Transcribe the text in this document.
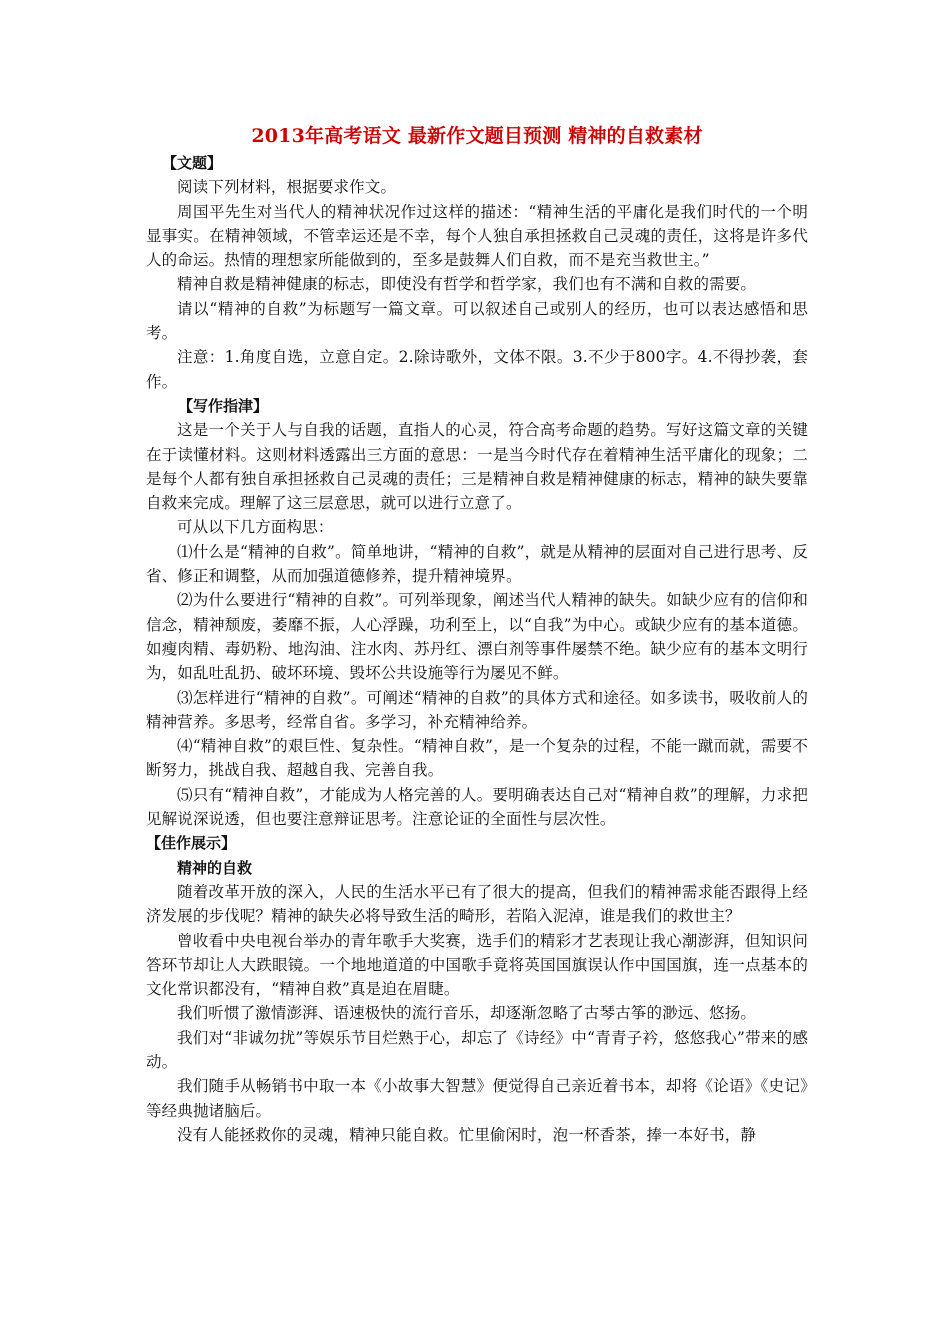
2013年高考语文 最新作文题目预测 精神的自救素材
【文题】

阅读下列材料，根据要求作文。

周国平先生对当代人的精神状况作过这样的描述：“精神生活的平庸化是我们时代的一个明显事实。在精神领域，不管幸运还是不幸，每个人独自承担拯救自己灵魂的责任，这将是许多代人的命运。热情的理想家所能做到的，至多是鼓舞人们自救，而不是充当救世主。”

精神自救是精神健康的标志，即使没有哲学和哲学家，我们也有不满和自救的需要。

请以“精神的自救”为标题写一篇文章。可以叙述自己或别人的经历，也可以表达感悟和思考。

注意：1.角度自选，立意自定。2.除诗歌外，文体不限。3.不少于800字。4.不得抄袭，套作。

【写作指津】

这是一个关于人与自我的话题，直指人的心灵，符合高考命题的趋势。写好这篇文章的关键在于读懂材料。这则材料透露出三方面的意思：一是当今时代存在着精神生活平庸化的现象；二是每个人都有独自承担拯救自己灵魂的责任；三是精神自救是精神健康的标志，精神的缺失要靠自救来完成。理解了这三层意思，就可以进行立意了。

可从以下几方面构思：

⑴什么是“精神的自救”。简单地讲，“精神的自救”，就是从精神的层面对自己进行思考、反省、修正和调整，从而加强道德修养，提升精神境界。

⑵为什么要进行“精神的自救”。可列举现象，阐述当代人精神的缺失。如缺少应有的信仰和信念，精神颓废，萎靡不振，人心浮躁，功利至上，以“自我”为中心。或缺少应有的基本道德。如瘦肉精、毒奶粉、地沟油、注水肉、苏丹红、漂白剂等事件屡禁不绝。缺少应有的基本文明行为，如乱吐乱扔、破坏环境、毁坏公共设施等行为屡见不鲜。

⑶怎样进行“精神的自救”。可阐述“精神的自救”的具体方式和途径。如多读书，吸收前人的精神营养。多思考，经常自省。多学习，补充精神给养。

⑷“精神自救”的艰巨性、复杂性。“精神自救”，是一个复杂的过程，不能一蹴而就，需要不断努力，挑战自我、超越自我、完善自我。

⑸只有“精神自救”，才能成为人格完善的人。要明确表达自己对“精神自救”的理解，力求把见解说深说透，但也要注意辩证思考。注意论证的全面性与层次性。

【佳作展示】
精神的自救

随着改革开放的深入，人民的生活水平已有了很大的提高，但我们的精神需求能否跟得上经济发展的步伐呢？精神的缺失必将导致生活的畸形，若陷入泥淖，谁是我们的救世主？

曾收看中央电视台举办的青年歌手大奖赛，选手们的精彩才艺表现让我心潮澎湃，但知识问答环节却让人大跌眼镜。一个地地道道的中国歌手竟将英国国旗误认作中国国旗，连一点基本的文化常识都没有，“精神自救”真是迫在眉睫。

我们听惯了激情澎湃、语速极快的流行音乐，却逐渐忽略了古琴古筝的渺远、悠扬。

我们对“非诚勿扰”等娱乐节目烂熟于心，却忘了《诗经》中“青青子衿，悠悠我心”带来的感动。

我们随手从畅销书中取一本《小故事大智慧》便觉得自己亲近着书本，却将《论语》《史记》等经典抛诸脑后。

没有人能拯救你的灵魂，精神只能自救。忙里偷闲时，泡一杯香茶，捧一本好书，静
